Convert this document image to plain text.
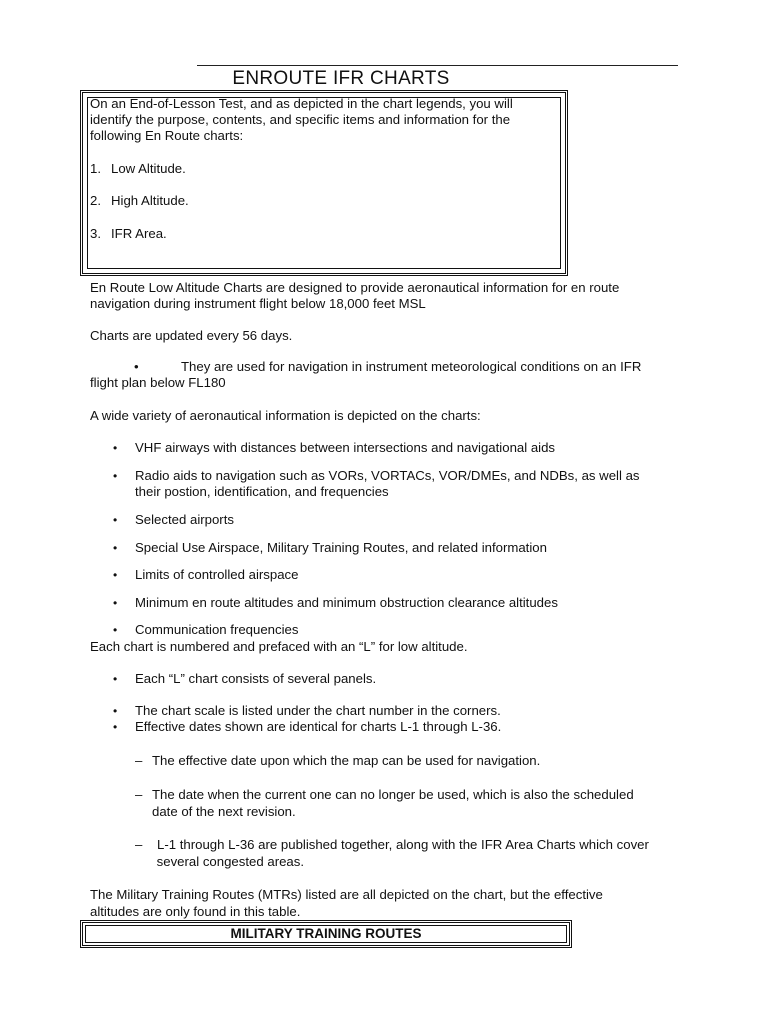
ENROUTE IFR CHARTS
On an End-of-Lesson Test, and as depicted in the chart legends, you will
identify the purpose, contents, and specific items and information for the
following En Route charts:
1. Low Altitude.
2. High Altitude.
3. IFR Area.
En Route Low Altitude Charts are designed to provide aeronautical information for en route
navigation during instrument flight below 18,000 feet MSL
Charts are updated every 56 days.
•	They are used for navigation in instrument meteorological conditions on an IFR
flight plan below FL180
A wide variety of aeronautical information is depicted on the charts:
• VHF airways with distances between intersections and navigational aids
• Radio aids to navigation such as VORs, VORTACs, VOR/DMEs, and NDBs, as well as
their postion, identification, and frequencies
• Selected airports
• Special Use Airspace, Military Training Routes, and related information
• Limits of controlled airspace
• Minimum en route altitudes and minimum obstruction clearance altitudes
• Communication frequencies
Each chart is numbered and prefaced with an “L” for low altitude.
• Each “L” chart consists of several panels.
• The chart scale is listed under the chart number in the corners.
• Effective dates shown are identical for charts L-1 through L-36.
– The effective date upon which the map can be used for navigation.
– The date when the current one can no longer be used, which is also the scheduled
date of the next revision.
– L-1 through L-36 are published together, along with the IFR Area Charts which cover
several congested areas.
The Military Training Routes (MTRs) listed are all depicted on the chart, but the effective
altitudes are only found in this table.
MILITARY TRAINING ROUTES
